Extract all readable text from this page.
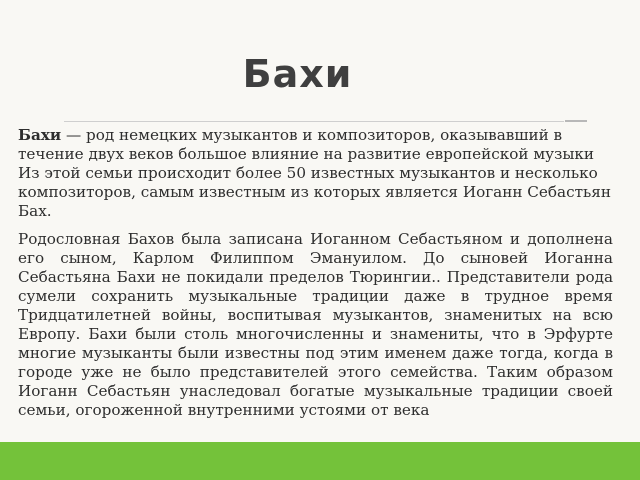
Бахи

Бахи — род немецких музыкантов и композиторов, оказывавший в течение двух веков большое влияние на развитие европейской музыки Из этой семьи происходит более 50 известных музыкантов и несколько композиторов, самым известным из которых является Иоганн Себастьян Бах.

Родословная Бахов была записана Иоганном Себастьяном и дополнена его сыном, Карлом Филиппом Эмануилом. До сыновей Иоганна Себастьяна Бахи не покидали пределов Тюрингии.. Представители рода сумели сохранить музыкальные традиции даже в трудное время Тридцатилетней войны, воспитывая музыкантов, знаменитых на всю Европу. Бахи были столь многочисленны и знамениты, что в Эрфурте многие музыканты были известны под этим именем даже тогда, когда в городе уже не было представителей этого семейства. Таким образом Иоганн Себастьян унаследовал богатые музыкальные традиции своей семьи, огороженной внутренними устоями от века
